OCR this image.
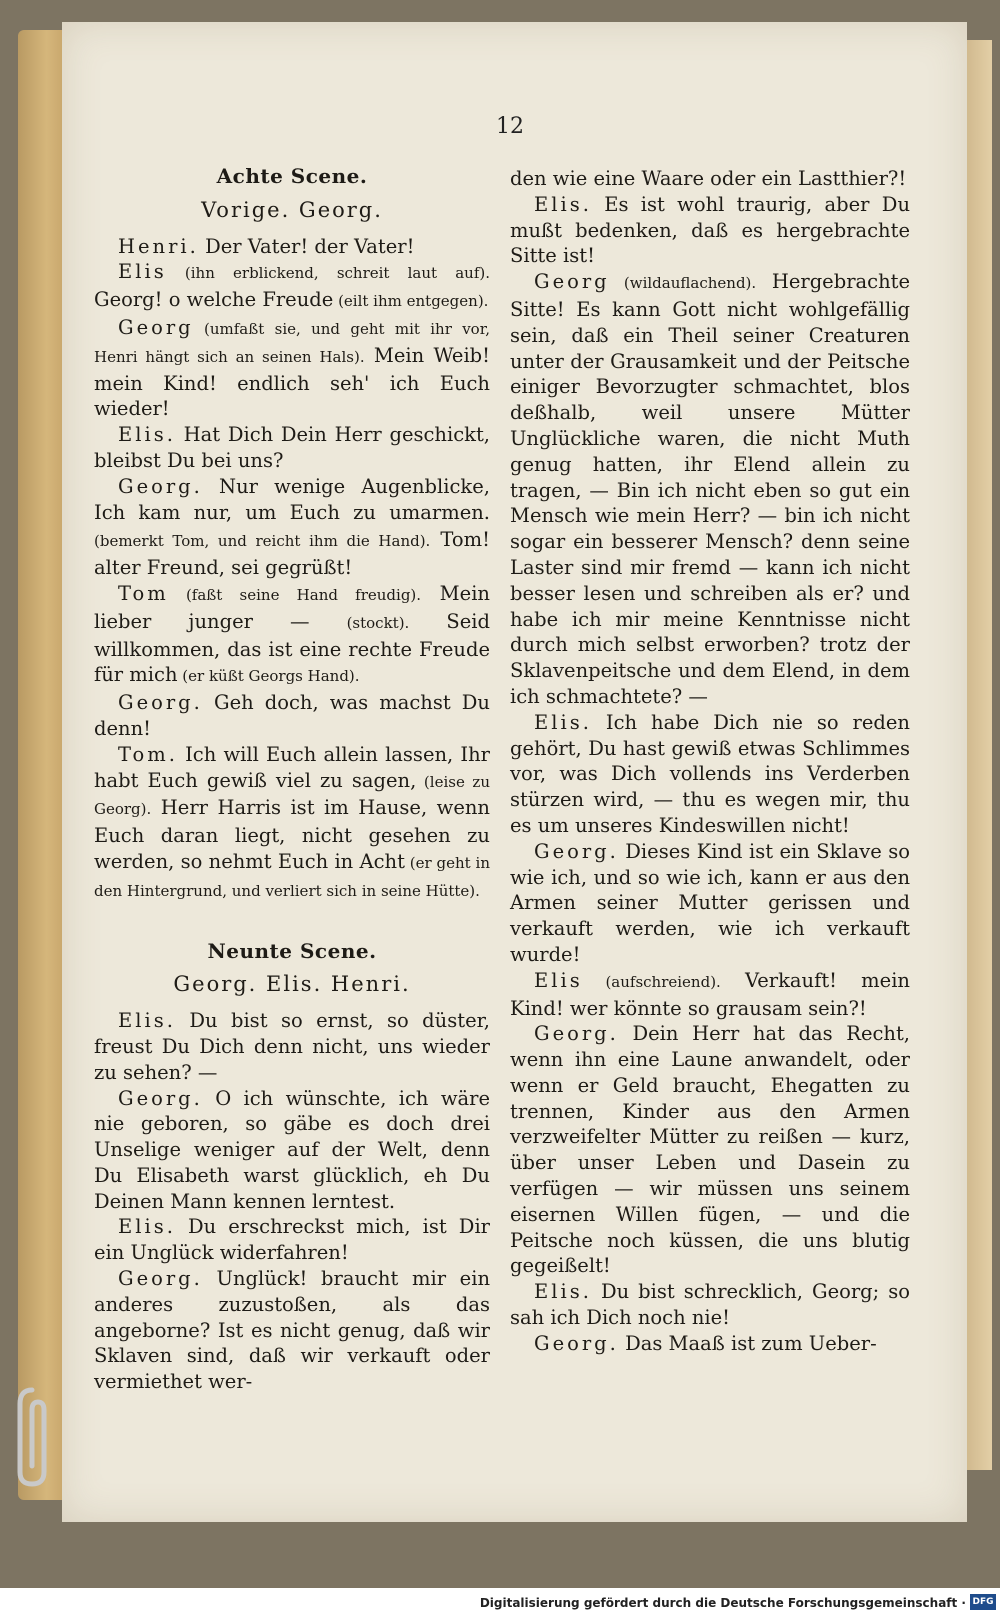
12
Achte Scene.
Vorige. Georg.

Henri. Der Vater! der Vater!

Elis (ihn erblickend, schreit laut auf). Georg! o welche Freude (eilt ihm entgegen).

Georg (umfaßt sie, und geht mit ihr vor, Henri hängt sich an seinen Hals). Mein Weib! mein Kind! endlich seh' ich Euch wieder!

Elis. Hat Dich Dein Herr geschickt, bleibst Du bei uns?

Georg. Nur wenige Augenblicke, Ich kam nur, um Euch zu umarmen. (bemerkt Tom, und reicht ihm die Hand). Tom! alter Freund, sei gegrüßt!

Tom (faßt seine Hand freudig). Mein lieber junger — (stockt). Seid willkommen, das ist eine rechte Freude für mich (er küßt Georgs Hand).

Georg. Geh doch, was machst Du denn!

Tom. Ich will Euch allein lassen, Ihr habt Euch gewiß viel zu sagen, (leise zu Georg). Herr Harris ist im Hause, wenn Euch daran liegt, nicht gesehen zu werden, so nehmt Euch in Acht (er geht in den Hintergrund, und verliert sich in seine Hütte).

Neunte Scene.
Georg. Elis. Henri.

Elis. Du bist so ernst, so düster, freust Du Dich denn nicht, uns wieder zu sehen? —

Georg. O ich wünschte, ich wäre nie geboren, so gäbe es doch drei Unselige weniger auf der Welt, denn Du Elisabeth warst glücklich, eh Du Deinen Mann kennen lerntest.

Elis. Du erschreckst mich, ist Dir ein Unglück widerfahren!

Georg. Unglück! braucht mir ein anderes zuzustoßen, als das angeborne? Ist es nicht genug, daß wir Sklaven sind, daß wir verkauft oder vermiethet wer-

den wie eine Waare oder ein Lastthier?!

Elis. Es ist wohl traurig, aber Du mußt bedenken, daß es hergebrachte Sitte ist!

Georg (wildauflachend). Hergebrachte Sitte! Es kann Gott nicht wohlgefällig sein, daß ein Theil seiner Creaturen unter der Grausamkeit und der Peitsche einiger Bevorzugter schmachtet, blos deßhalb, weil unsere Mütter Unglückliche waren, die nicht Muth genug hatten, ihr Elend allein zu tragen, — Bin ich nicht eben so gut ein Mensch wie mein Herr? — bin ich nicht sogar ein besserer Mensch? denn seine Laster sind mir fremd — kann ich nicht besser lesen und schreiben als er? und habe ich mir meine Kenntnisse nicht durch mich selbst erworben? trotz der Sklavenpeitsche und dem Elend, in dem ich schmachtete? —

Elis. Ich habe Dich nie so reden gehört, Du hast gewiß etwas Schlimmes vor, was Dich vollends ins Verderben stürzen wird, — thu es wegen mir, thu es um unseres Kindeswillen nicht!

Georg. Dieses Kind ist ein Sklave so wie ich, und so wie ich, kann er aus den Armen seiner Mutter gerissen und verkauft werden, wie ich verkauft wurde!

Elis (aufschreiend). Verkauft! mein Kind! wer könnte so grausam sein?!

Georg. Dein Herr hat das Recht, wenn ihn eine Laune anwandelt, oder wenn er Geld braucht, Ehegatten zu trennen, Kinder aus den Armen verzweifelter Mütter zu reißen — kurz, über unser Leben und Dasein zu verfügen — wir müssen uns seinem eisernen Willen fügen, — und die Peitsche noch küssen, die uns blutig gegeißelt!

Elis. Du bist schrecklich, Georg; so sah ich Dich noch nie!

Georg. Das Maaß ist zum Ueber-

Digitalisierung gefördert durch die Deutsche Forschungsgemeinschaft · DFG
